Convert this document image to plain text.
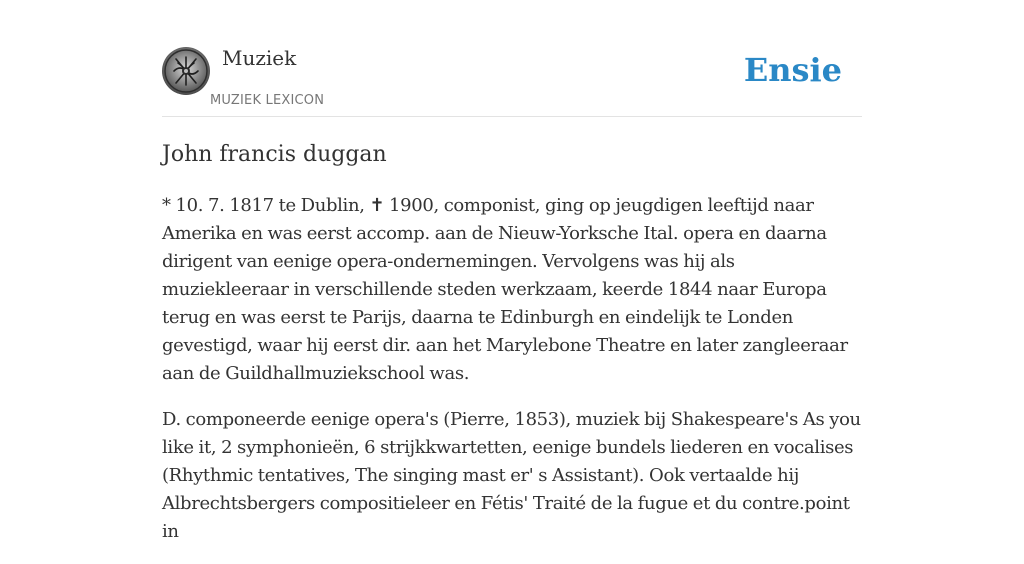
Muziek
MUZIEK LEXICON
Ensie
John francis duggan

* 10. 7. 1817 te Dublin, ✝ 1900, componist, ging op jeugdigen leeftijd naar Amerika en was eerst accomp. aan de Nieuw-Yorksche Ital. opera en daarna dirigent van eenige opera-ondernemingen. Vervolgens was hij als muziekleeraar in verschillende steden werkzaam, keerde 1844 naar Europa terug en was eerst te Parijs, daarna te Edinburgh en eindelijk te Londen gevestigd, waar hij eerst dir. aan het Marylebone Theatre en later zangleeraar aan de Guildhallmuziekschool was.

D. componeerde eenige opera's (Pierre, 1853), muziek bij Shakespeare's As you like it, 2 symphonieën, 6 strijkkwartetten, eenige bundels liederen en vocalises (Rhythmic tentatives, The singing mast er' s Assistant). Ook vertaalde hij Albrechtsbergers compositieleer en Fétis' Traité de la fugue et du contre.point in
